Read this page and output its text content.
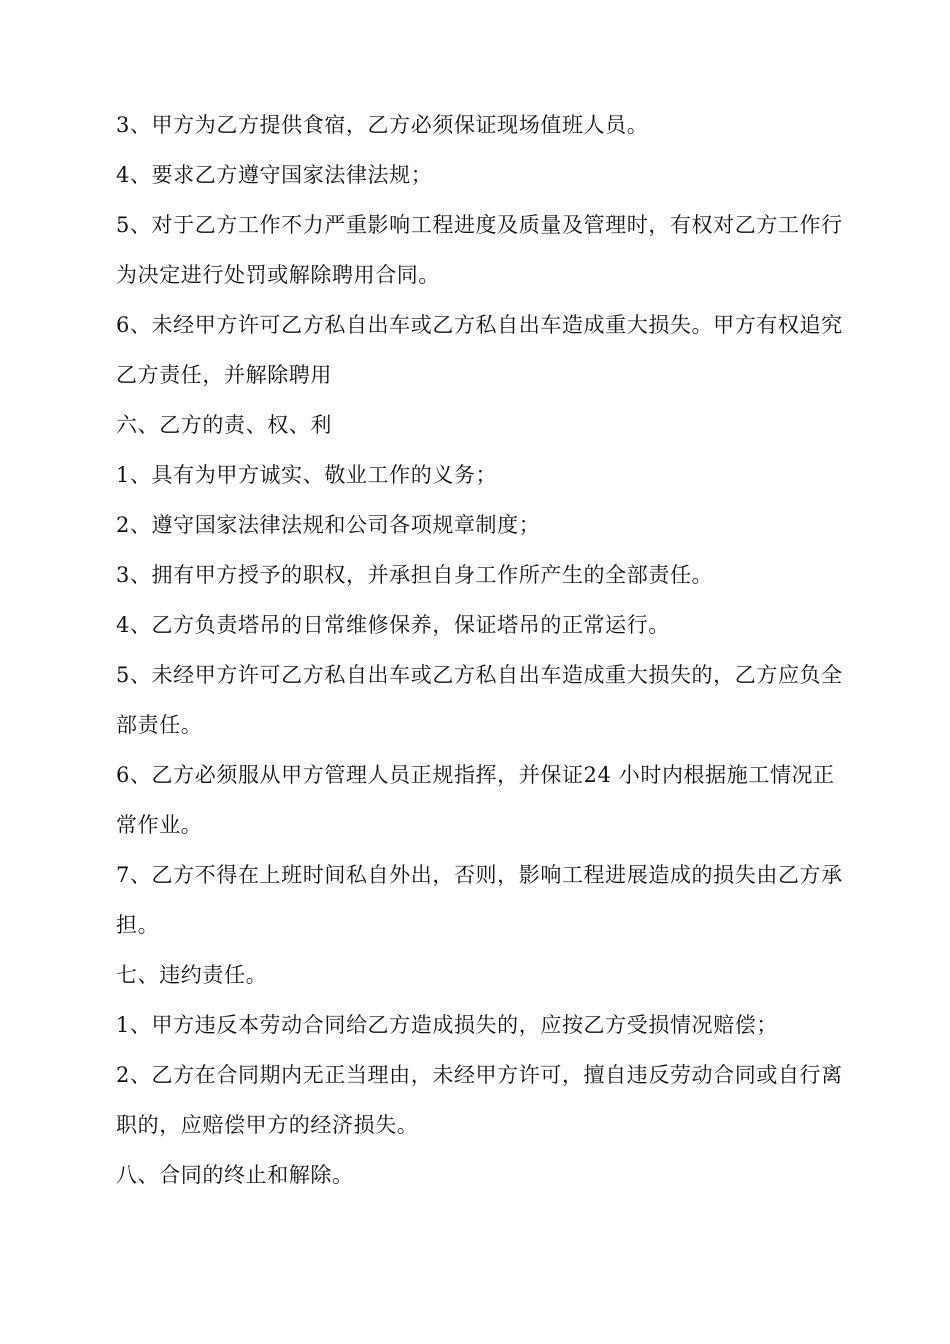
3、甲方为乙方提供食宿，乙方必须保证现场值班人员。

4、要求乙方遵守国家法律法规；

5、对于乙方工作不力严重影响工程进度及质量及管理时，有权对乙方工作行为决定进行处罚或解除聘用合同。

6、未经甲方许可乙方私自出车或乙方私自出车造成重大损失。甲方有权追究乙方责任，并解除聘用

六、乙方的责、权、利

1、具有为甲方诚实、敬业工作的义务；

2、遵守国家法律法规和公司各项规章制度；

3、拥有甲方授予的职权，并承担自身工作所产生的全部责任。

4、乙方负责塔吊的日常维修保养，保证塔吊的正常运行。

5、未经甲方许可乙方私自出车或乙方私自出车造成重大损失的，乙方应负全部责任。

6、乙方必须服从甲方管理人员正规指挥，并保证24 小时内根据施工情况正常作业。

7、乙方不得在上班时间私自外出，否则，影响工程进展造成的损失由乙方承担。

七、违约责任。

1、甲方违反本劳动合同给乙方造成损失的，应按乙方受损情况赔偿；

2、乙方在合同期内无正当理由，未经甲方许可，擅自违反劳动合同或自行离职的，应赔偿甲方的经济损失。

八、合同的终止和解除。
